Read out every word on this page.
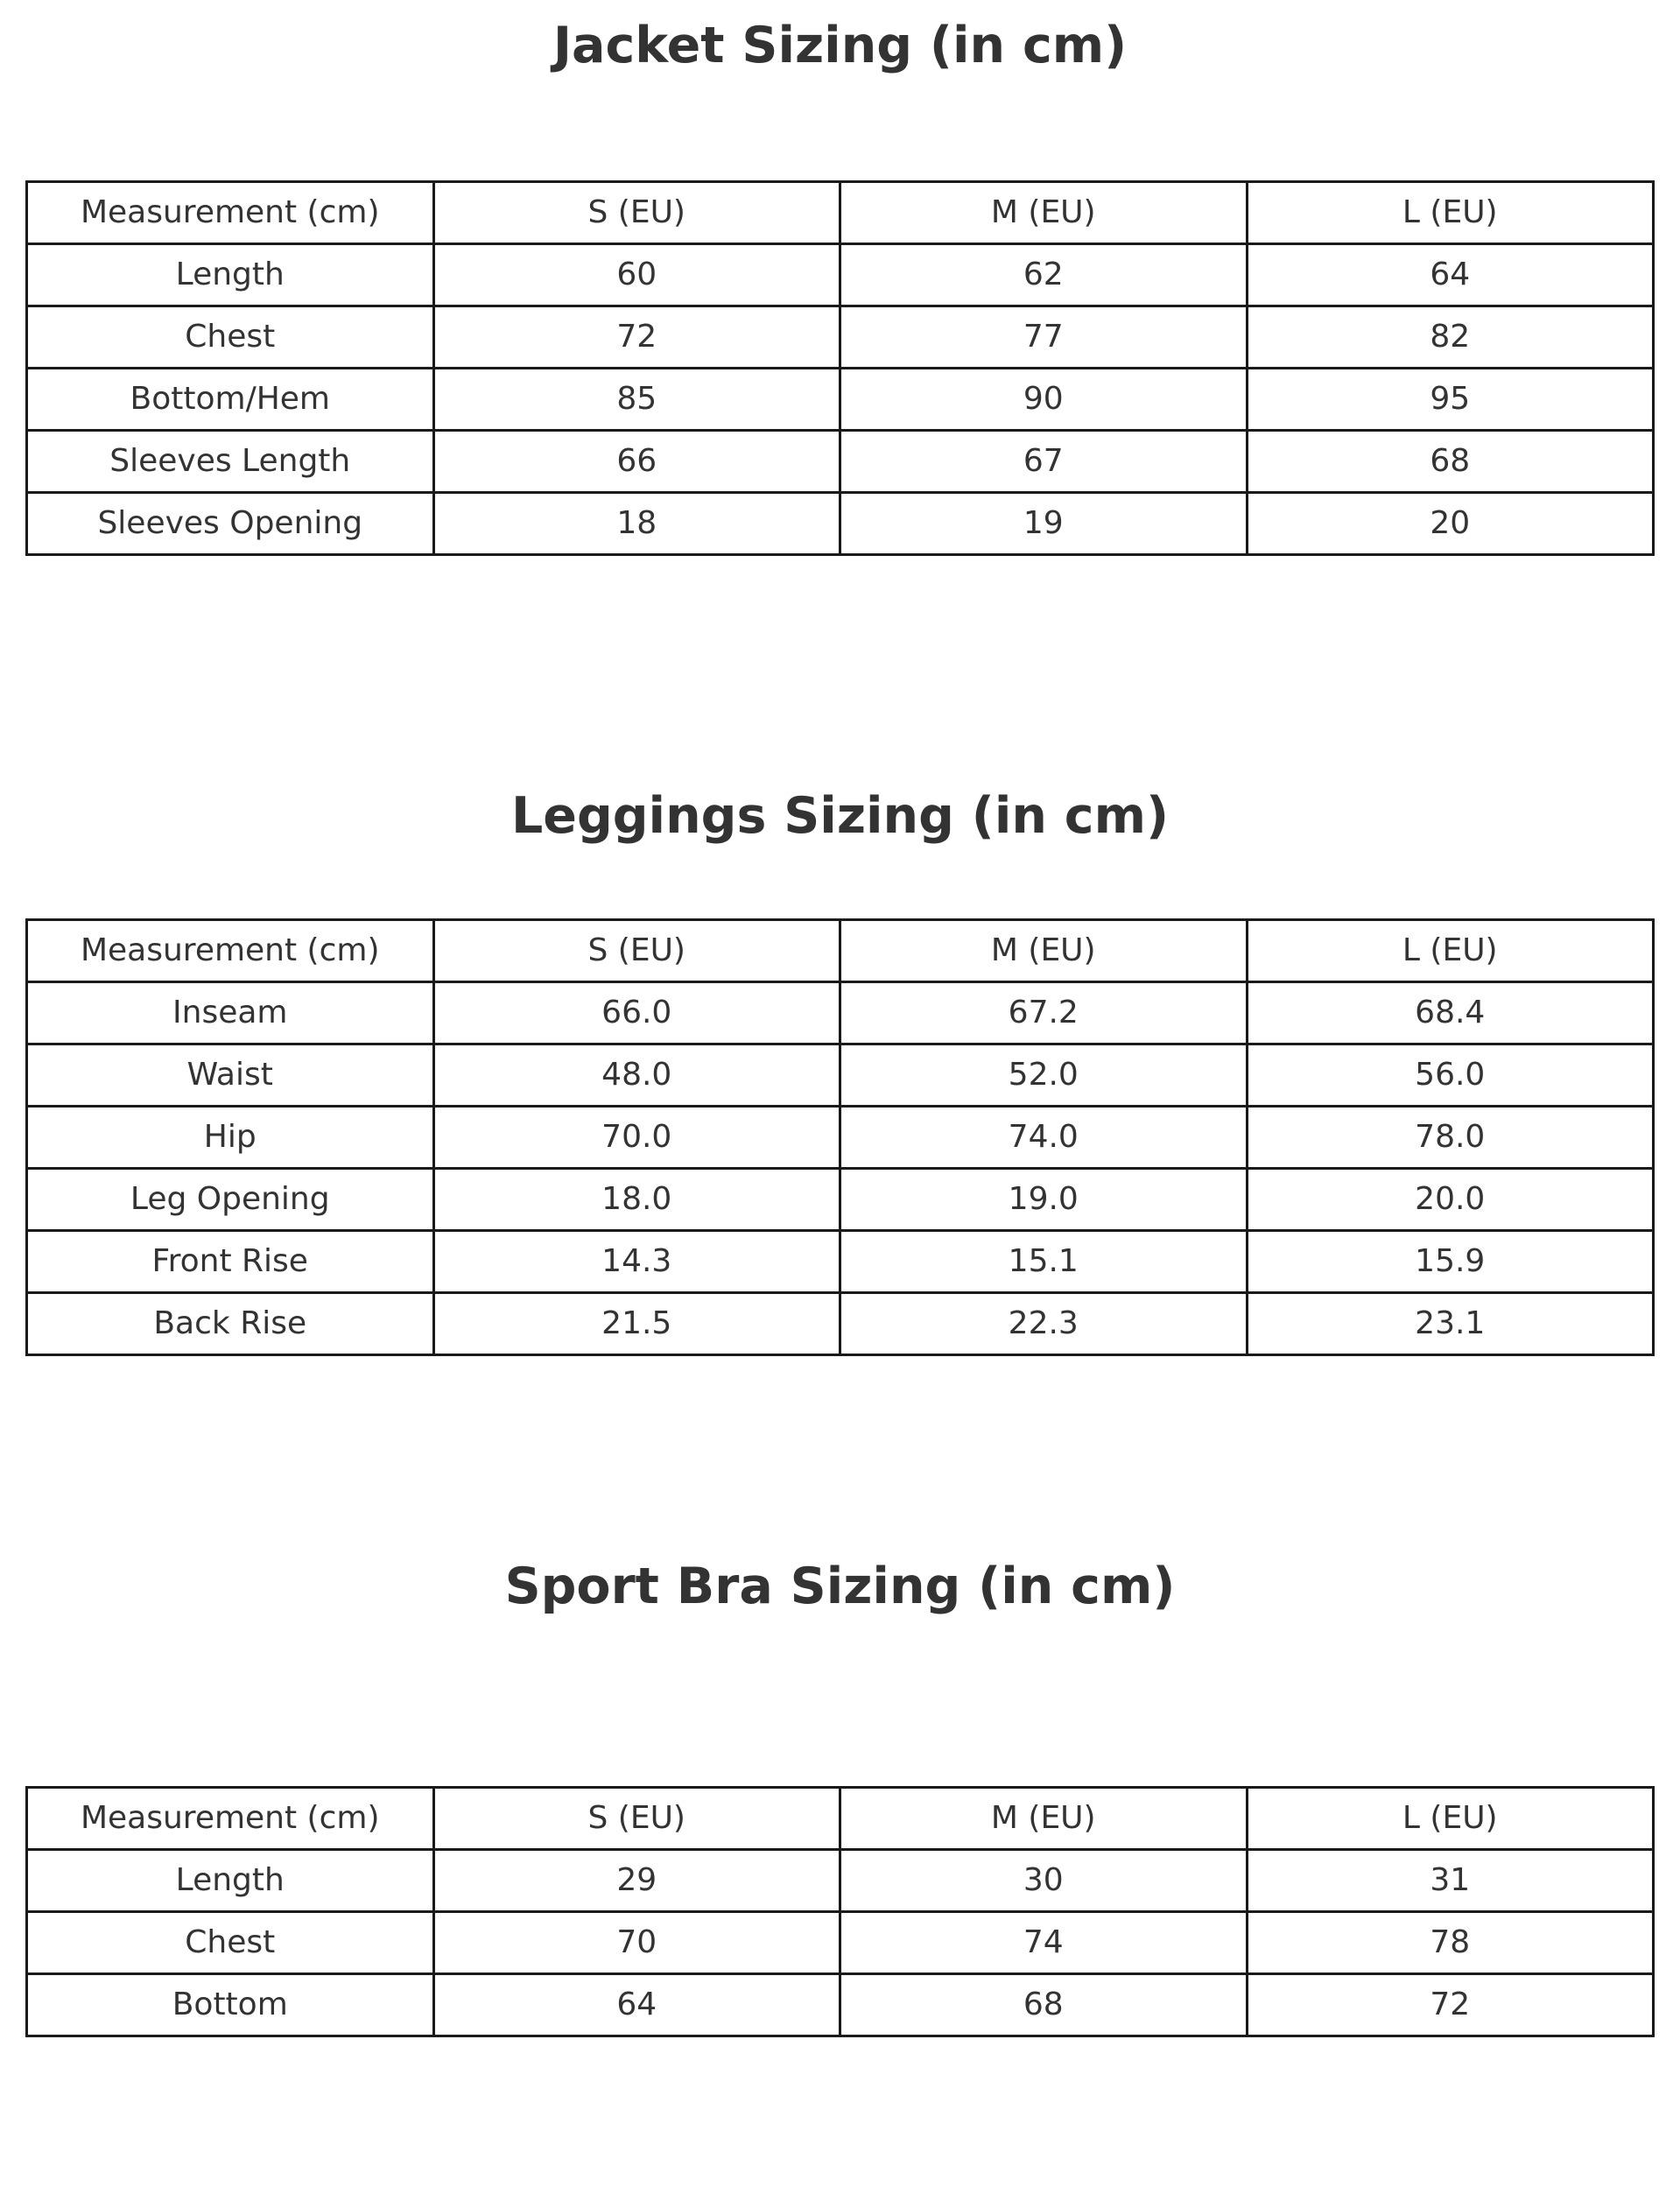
Jacket Sizing (in cm)
Measurement (cm)	S (EU)	M (EU)	L (EU)
Length	60	62	64
Chest	72	77	82
Bottom/Hem	85	90	95
Sleeves Length	66	67	68
Sleeves Opening	18	19	20
Leggings Sizing (in cm)
Measurement (cm)	S (EU)	M (EU)	L (EU)
Inseam	66.0	67.2	68.4
Waist	48.0	52.0	56.0
Hip	70.0	74.0	78.0
Leg Opening	18.0	19.0	20.0
Front Rise	14.3	15.1	15.9
Back Rise	21.5	22.3	23.1
Sport Bra Sizing (in cm)
Measurement (cm)	S (EU)	M (EU)	L (EU)
Length	29	30	31
Chest	70	74	78
Bottom	64	68	72
